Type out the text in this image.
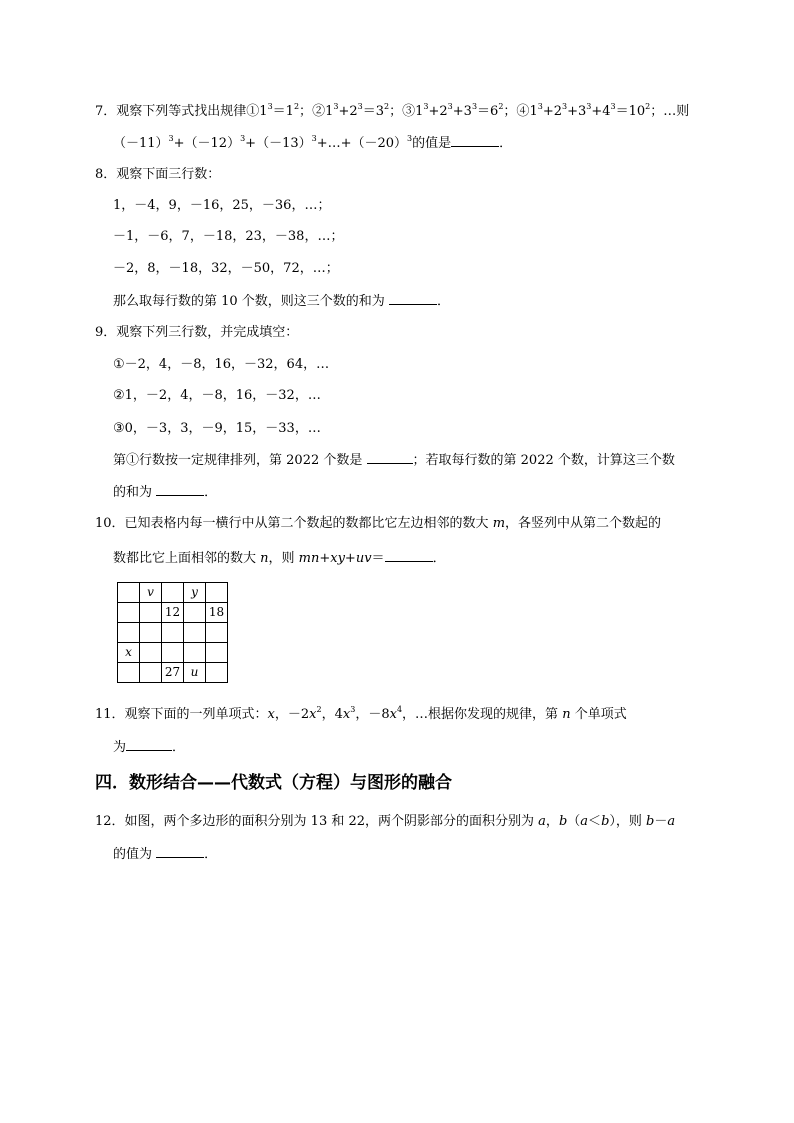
7．观察下列等式找出规律$①1^3=1^2$；$②1^3+2^3=3^2$；$③1^3+2^3+3^3=6^2$；$④1^3+2^3+3^3+4^3=10^2$；…则
$(-11)^3+(-12)^3+(-13)^3+\dots+(-20)^3$的值是	．
8．观察下面三行数：
1，－4，9，－16，25，－36，…；
－1，－6，7，－18，23，－38，…；
－2，8，－18，32，－50，72，…；
那么取每行数的第 10 个数，则这三个数的和为	．
9．观察下列三行数，并完成填空：
①－2，4，－8，16，－32，64，…
②1，－2，4，－8，16，－32，…
③0，－3，3，－9，15，－33，…
第①行数按一定规律排列，第 2022 个数是	；若取每行数的第 2022 个数，计算这三个数
的和为	．
10．已知表格内每一横行中从第二个数起的数都比它左边相邻的数大 m，各竖列中从第二个数起的
数都比它上面相邻的数大 n，则 mn+xy+uv＝	．
	v		y	
		12		18

x				
		27	u	
11．观察下面的一列单项式：x，$-2x^2$，$4x^3$，$-8x^4$，…根据你发现的规律，第 n 个单项式
为	．
四．数形结合——代数式（方程）与图形的融合
12．如图，两个多边形的面积分别为 13 和 22，两个阴影部分的面积分别为 a，b（a＜b），则 b－a
的值为	．
